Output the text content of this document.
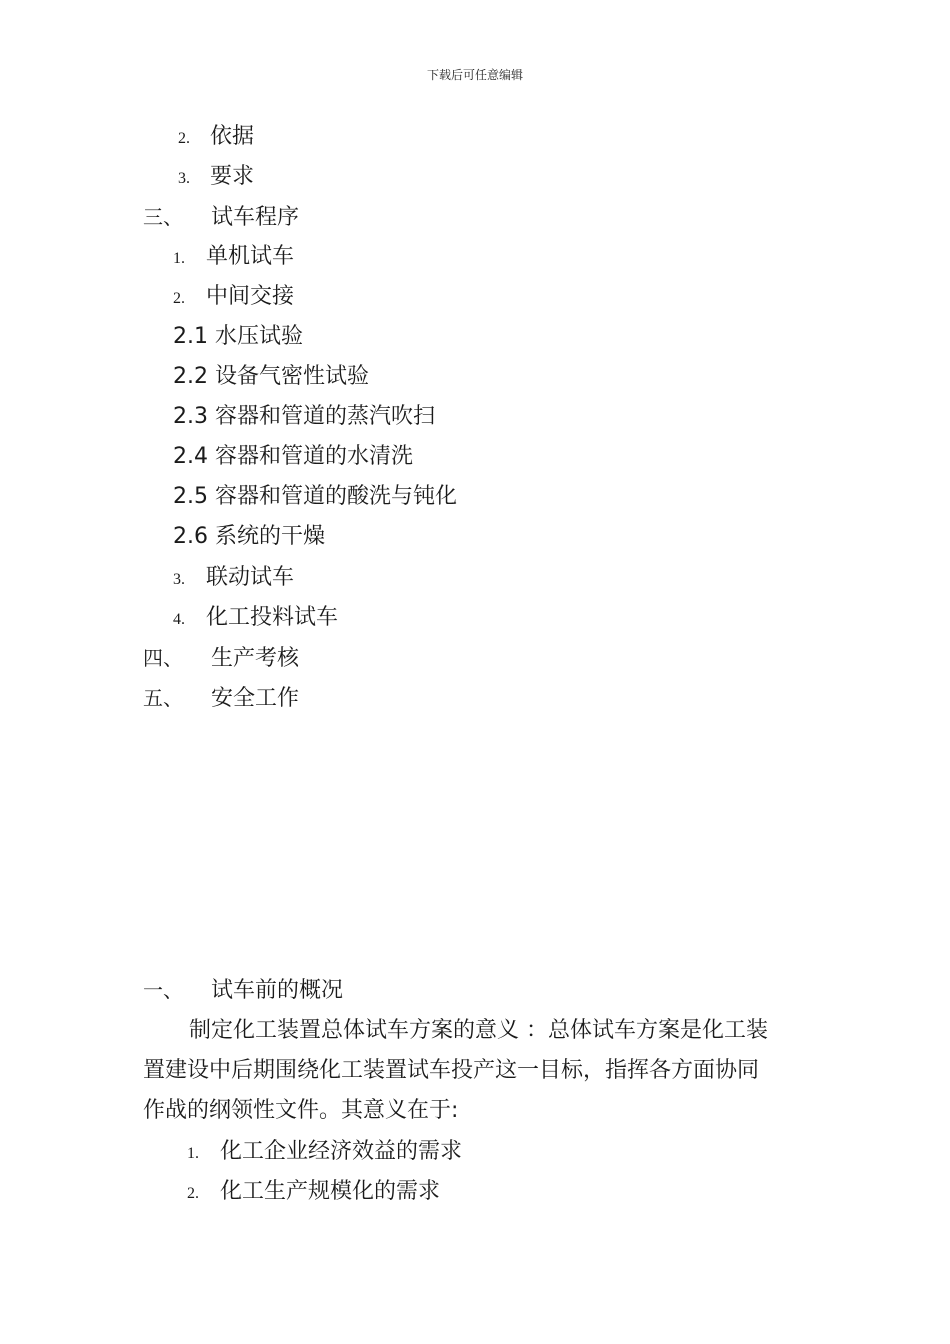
下载后可任意编辑
2. 依据
3. 要求
三、 试车程序
1. 单机试车
2. 中间交接
2.1 水压试验
2.2 设备气密性试验
2.3 容器和管道的蒸汽吹扫
2.4 容器和管道的水清洗
2.5 容器和管道的酸洗与钝化
2.6 系统的干燥
3. 联动试车
4. 化工投料试车
四、 生产考核
五、 安全工作
一、 试车前的概况

制定化工装置总体试车方案的意义 ：总体试车方案是化工装

置建设中后期围绕化工装置试车投产这一目标，指挥各方面协同

作战的纲领性文件。其意义在于:

1. 化工企业经济效益的需求
2. 化工生产规模化的需求
